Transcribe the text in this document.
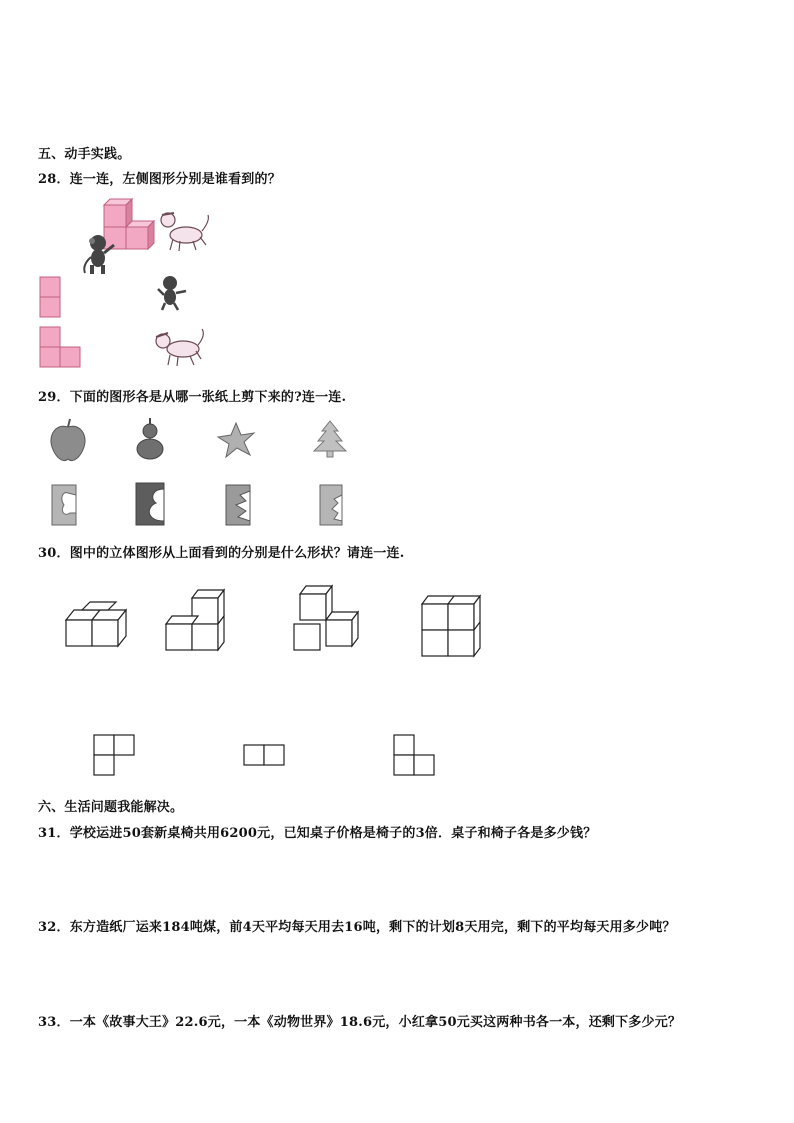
五、动手实践。
28．连一连，左侧图形分别是谁看到的？
29．下面的图形各是从哪一张纸上剪下来的?连一连.
30．图中的立体图形从上面看到的分别是什么形状？请连一连.
六、生活问题我能解决。
31．学校运进50套新桌椅共用6200元，已知桌子价格是椅子的3倍．桌子和椅子各是多少钱？
32．东方造纸厂运来184吨煤，前4天平均每天用去16吨，剩下的计划8天用完，剩下的平均每天用多少吨？
33．一本《故事大王》22.6元，一本《动物世界》18.6元，小红拿50元买这两种书各一本，还剩下多少元？
